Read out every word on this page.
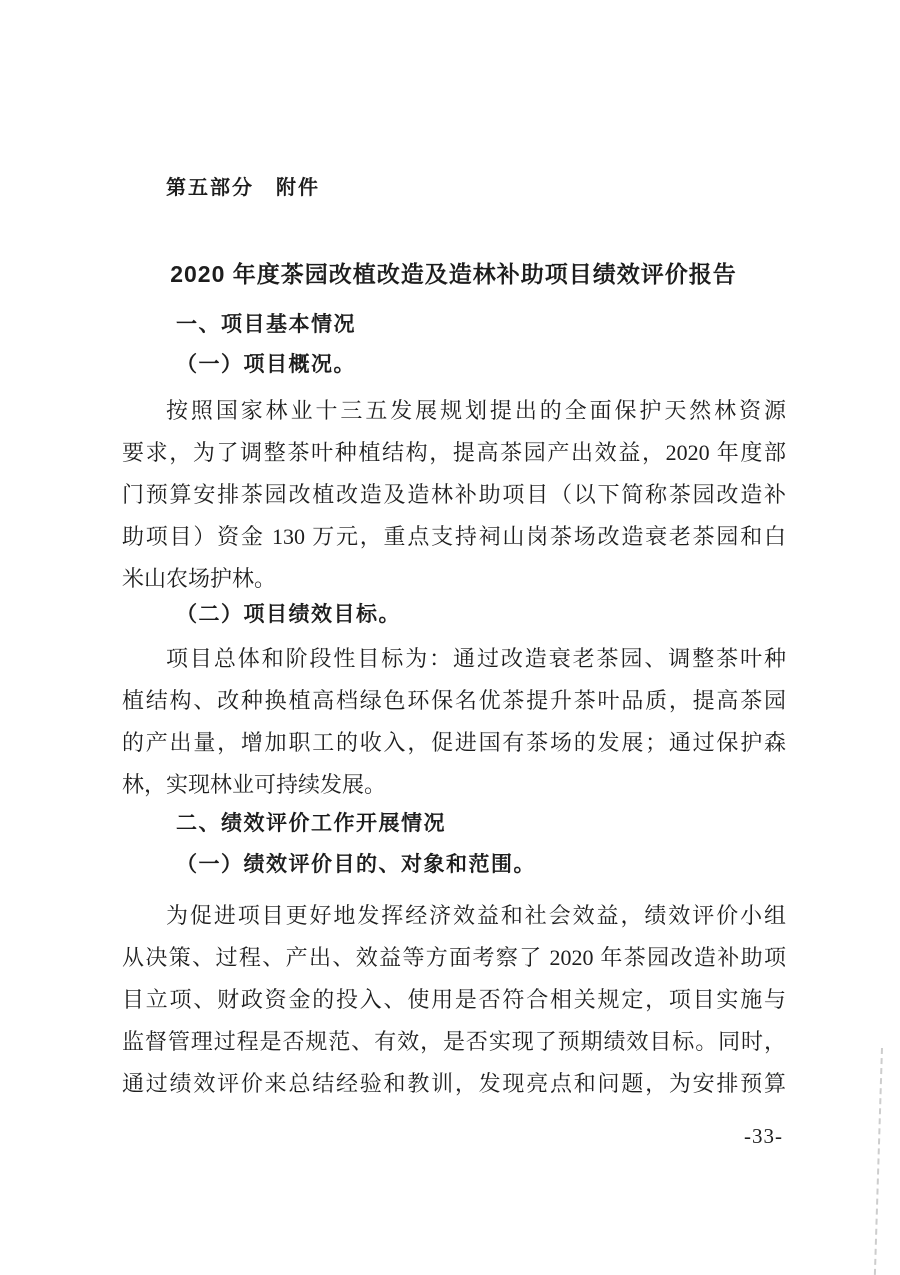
第五部分　附件
2020 年度茶园改植改造及造林补助项目绩效评价报告
一、项目基本情况
（一）项目概况。
按照国家林业十三五发展规划提出的全面保护天然林资源
要求，为了调整茶叶种植结构，提高茶园产出效益，2020 年度部
门预算安排茶园改植改造及造林补助项目（以下简称茶园改造补
助项目）资金 130 万元，重点支持祠山岗茶场改造衰老茶园和白
米山农场护林。
（二）项目绩效目标。
项目总体和阶段性目标为：通过改造衰老茶园、调整茶叶种
植结构、改种换植高档绿色环保名优茶提升茶叶品质，提高茶园
的产出量，增加职工的收入，促进国有茶场的发展；通过保护森
林，实现林业可持续发展。
二、绩效评价工作开展情况
（一）绩效评价目的、对象和范围。
为促进项目更好地发挥经济效益和社会效益，绩效评价小组
从决策、过程、产出、效益等方面考察了 2020 年茶园改造补助项
目立项、财政资金的投入、使用是否符合相关规定，项目实施与
监督管理过程是否规范、有效，是否实现了预期绩效目标。同时，
通过绩效评价来总结经验和教训，发现亮点和问题，为安排预算
-33-
